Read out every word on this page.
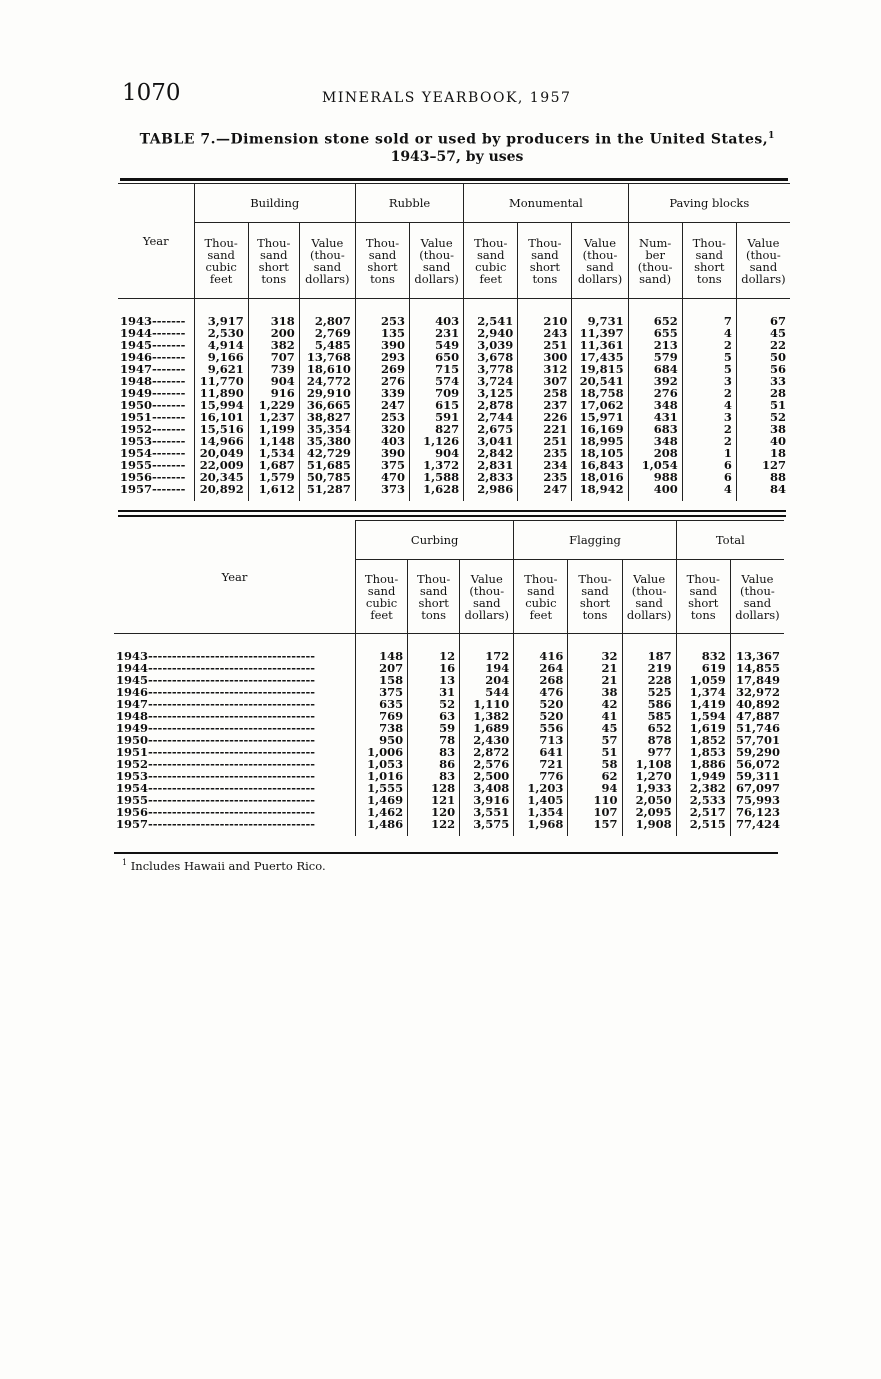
1070	MINERALS YEARBOOK, 1957
TABLE 7.—Dimension stone sold or used by producers in the United States,$^1$
1943–57, by uses
Year	Building			Rubble		Monumental			Paving blocks		
	Thou-sand cubic feet	Thou-sand short tons	Value (thou-sand dollars)	Thou-sand short tons	Value (thou-sand dollars)	Thou-sand cubic feet	Thou-sand short tons	Value (thou-sand dollars)	Num-ber (thou-sand)	Thou-sand short tons	Value (thou-sand dollars)

1943-------	3,917	318	2,807	253	403	2,541	210	9,731	652	7	67
1944-------	2,530	200	2,769	135	231	2,940	243	11,397	655	4	45
1945-------	4,914	382	5,485	390	549	3,039	251	11,361	213	2	22
1946-------	9,166	707	13,768	293	650	3,678	300	17,435	579	5	50
1947-------	9,621	739	18,610	269	715	3,778	312	19,815	684	5	56
1948-------	11,770	904	24,772	276	574	3,724	307	20,541	392	3	33
1949-------	11,890	916	29,910	339	709	3,125	258	18,758	276	2	28
1950-------	15,994	1,229	36,665	247	615	2,878	237	17,062	348	4	51
1951-------	16,101	1,237	38,827	253	591	2,744	226	15,971	431	3	52
1952-------	15,516	1,199	35,354	320	827	2,675	221	16,169	683	2	38
1953-------	14,966	1,148	35,380	403	1,126	3,041	251	18,995	348	2	40
1954-------	20,049	1,534	42,729	390	904	2,842	235	18,105	208	1	18
1955-------	22,009	1,687	51,685	375	1,372	2,831	234	16,843	1,054	6	127
1956-------	20,345	1,579	50,785	470	1,588	2,833	235	18,016	988	6	88
1957-------	20,892	1,612	51,287	373	1,628	2,986	247	18,942	400	4	84
Year	Curbing			Flagging			Total	
	Thou-sand cubic feet	Thou-sand short tons	Value (thou-sand dollars)	Thou-sand cubic feet	Thou-sand short tons	Value (thou-sand dollars)	Thou-sand short tons	Value (thou-sand dollars)

1943-----------------------------------	148	12	172	416	32	187	832	13,367
1944-----------------------------------	207	16	194	264	21	219	619	14,855
1945-----------------------------------	158	13	204	268	21	228	1,059	17,849
1946-----------------------------------	375	31	544	476	38	525	1,374	32,972
1947-----------------------------------	635	52	1,110	520	42	586	1,419	40,892
1948-----------------------------------	769	63	1,382	520	41	585	1,594	47,887
1949-----------------------------------	738	59	1,689	556	45	652	1,619	51,746
1950-----------------------------------	950	78	2,430	713	57	878	1,852	57,701
1951-----------------------------------	1,006	83	2,872	641	51	977	1,853	59,290
1952-----------------------------------	1,053	86	2,576	721	58	1,108	1,886	56,072
1953-----------------------------------	1,016	83	2,500	776	62	1,270	1,949	59,311
1954-----------------------------------	1,555	128	3,408	1,203	94	1,933	2,382	67,097
1955-----------------------------------	1,469	121	3,916	1,405	110	2,050	2,533	75,993
1956-----------------------------------	1,462	120	3,551	1,354	107	2,095	2,517	76,123
1957-----------------------------------	1,486	122	3,575	1,968	157	1,908	2,515	77,424
$^1$ Includes Hawaii and Puerto Rico.
